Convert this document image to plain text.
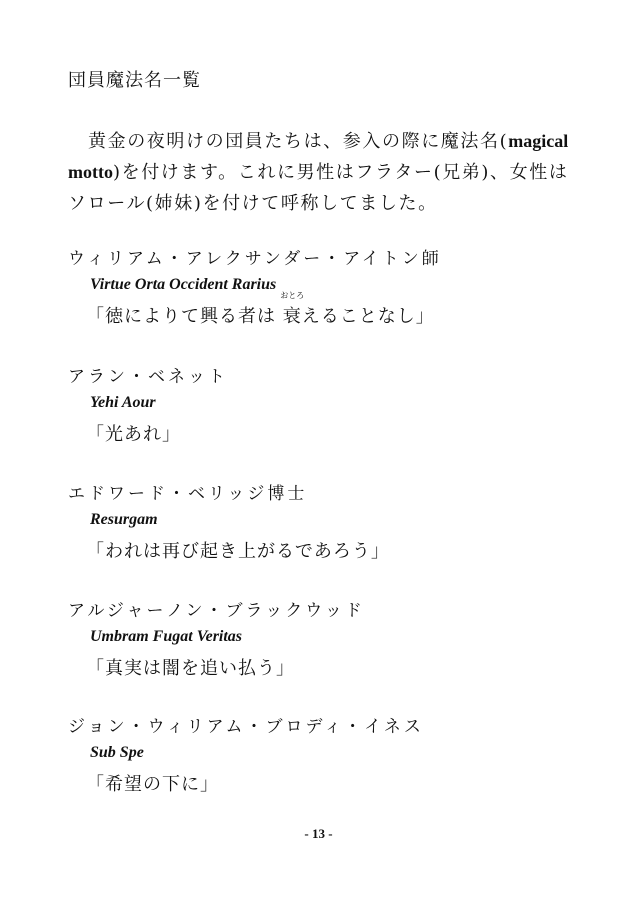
団員魔法名一覧
黄金の夜明けの団員たちは、参入の際に魔法名(magical
motto)を付けます。これに男性はフラター(兄弟)、女性は
ソロール(姉妹)を付けて呼称してました。
ウィリアム・アレクサンダー・アイトン師
Virtue Orta Occident Rarius
「徳によりて興る者は
おとろ
衰えることなし」
アラン・ベネット
Yehi Aour
「光あれ」
エドワード・ベリッジ博士
Resurgam
「われは再び起き上がるであろう」
アルジャーノン・ブラックウッド
Umbram Fugat Veritas
「真実は闇を追い払う」
ジョン・ウィリアム・ブロディ・イネス
Sub Spe
「希望の下に」
- 13 -
